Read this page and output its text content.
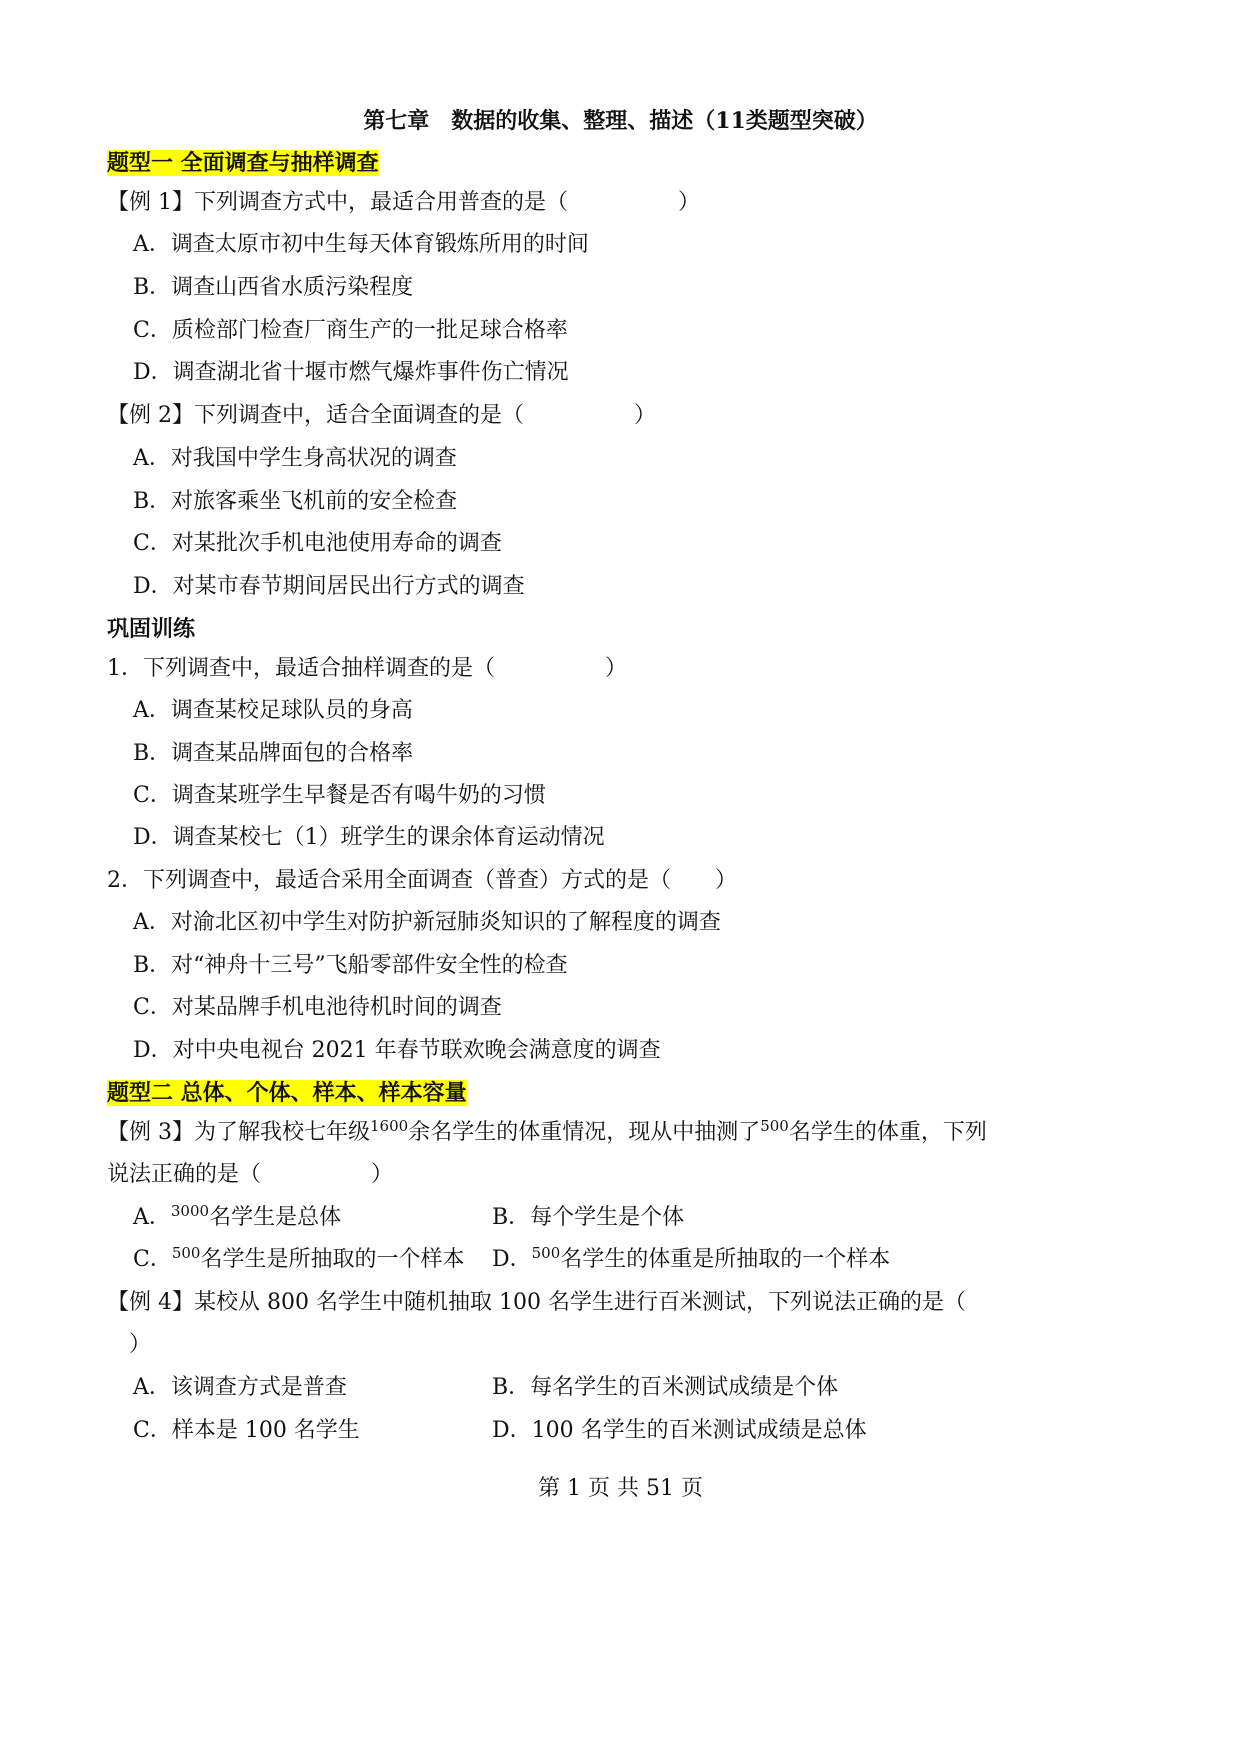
第七章　数据的收集、整理、描述（11类题型突破）
题型一 全面调查与抽样调查
【例 1】下列调查方式中，最适合用普查的是（　　　　　）
A．调查太原市初中生每天体育锻炼所用的时间
B．调查山西省水质污染程度
C．质检部门检查厂商生产的一批足球合格率
D．调查湖北省十堰市燃气爆炸事件伤亡情况
【例 2】下列调查中，适合全面调查的是（　　　　　）
A．对我国中学生身高状况的调查
B．对旅客乘坐飞机前的安全检查
C．对某批次手机电池使用寿命的调查
D．对某市春节期间居民出行方式的调查
巩固训练
1．下列调查中，最适合抽样调查的是（　　　　　）
A．调查某校足球队员的身高
B．调查某品牌面包的合格率
C．调查某班学生早餐是否有喝牛奶的习惯
D．调查某校七（1）班学生的课余体育运动情况
2．下列调查中，最适合采用全面调查（普查）方式的是（　　）
A．对渝北区初中学生对防护新冠肺炎知识的了解程度的调查
B．对“神舟十三号”飞船零部件安全性的检查
C．对某品牌手机电池待机时间的调查
D．对中央电视台 2021 年春节联欢晚会满意度的调查
题型二 总体、个体、样本、样本容量
【例 3】为了解我校七年级$^{1600}$余名学生的体重情况，现从中抽测了$^{500}$名学生的体重，下列
说法正确的是（　　　　　）
A．$^{3000}$名学生是总体	B．每个学生是个体
C．$^{500}$名学生是所抽取的一个样本 D．$^{500}$名学生的体重是所抽取的一个样本
【例 4】某校从 800 名学生中随机抽取 100 名学生进行百米测试，下列说法正确的是（
）
A．该调查方式是普查	B．每名学生的百米测试成绩是个体
C．样本是 100 名学生	D．100 名学生的百米测试成绩是总体
第 1 页 共 51 页
